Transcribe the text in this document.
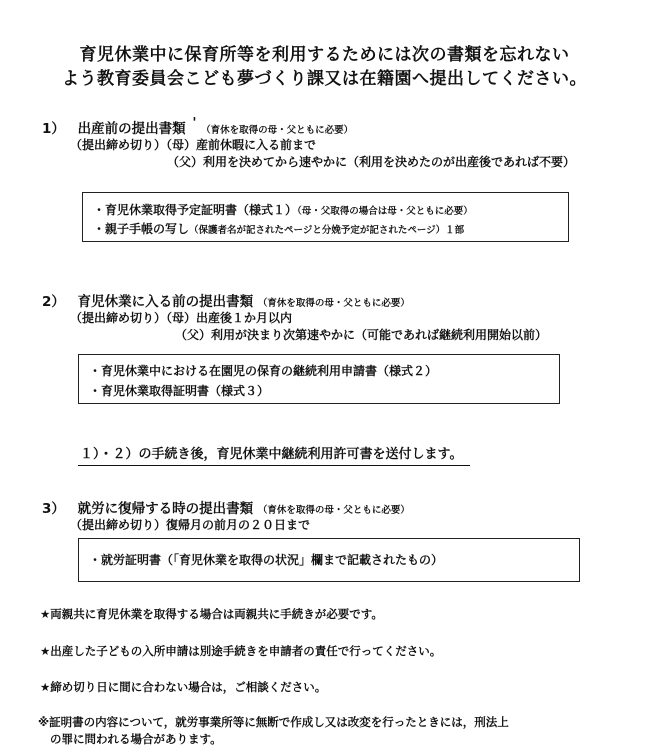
育児休業中に保育所等を利用するためには次の書類を忘れない
よう教育委員会こども夢づくり課又は在籍園へ提出してください。
1） 出産前の提出書類 ' （育休を取得の母・父ともに必要）
（提出締め切り）（母）産前休暇に入る前まで
（父）利用を決めてから速やかに（利用を決めたのが出産後であれば不要）
・育児休業取得予定証明書（様式１）（母・父取得の場合は母・父ともに必要）
・親子手帳の写し（保護者名が記されたページと分娩予定が記されたページ）１部
2） 育児休業に入る前の提出書類 （育休を取得の母・父ともに必要）
（提出締め切り）（母）出産後１か月以内
（父）利用が決まり次第速やかに（可能であれば継続利用開始以前）
・育児休業中における在園児の保育の継続利用申請書（様式２）
・育児休業取得証明書（様式３）
１）・２）の手続き後，育児休業中継続利用許可書を送付します。
3） 就労に復帰する時の提出書類 （育休を取得の母・父ともに必要）
（提出締め切り）復帰月の前月の２０日まで
・就労証明書（「育児休業を取得の状況」欄まで記載されたもの）
★両親共に育児休業を取得する場合は両親共に手続きが必要です。
★出産した子どもの入所申請は別途手続きを申請者の責任で行ってください。
★締め切り日に間に合わない場合は，ご相談ください。
※証明書の内容について，就労事業所等に無断で作成し又は改変を行ったときには，刑法上
の罪に問われる場合があります。
